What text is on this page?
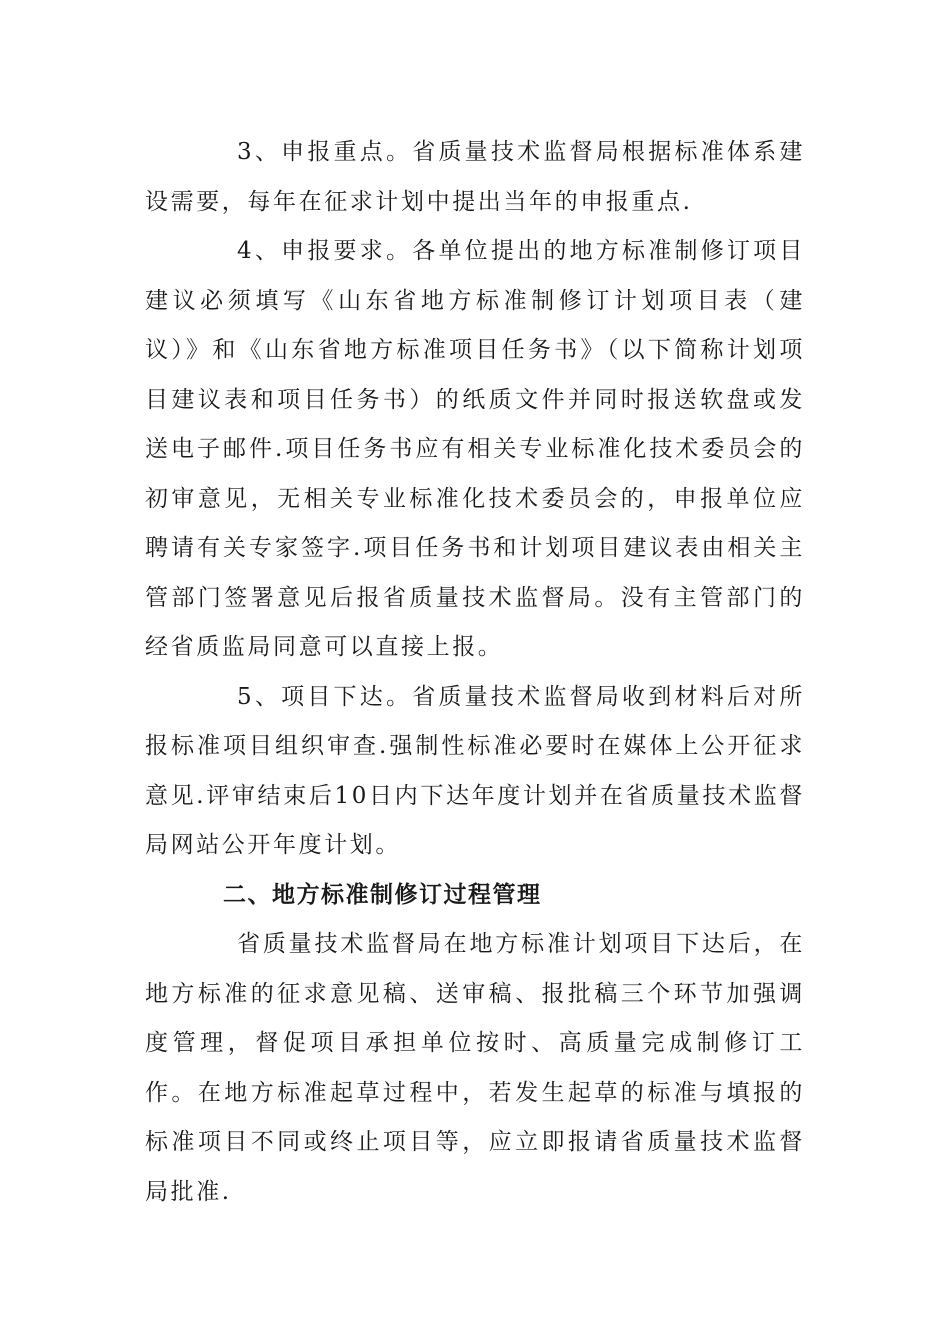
3、申报重点。省质量技术监督局根据标准体系建设需要，每年在征求计划中提出当年的申报重点.

4、申报要求。各单位提出的地方标准制修订项目建议必须填写《山东省地方标准制修订计划项目表（建议）》和《山东省地方标准项目任务书》（以下简称计划项目建议表和项目任务书）的纸质文件并同时报送软盘或发送电子邮件.项目任务书应有相关专业标准化技术委员会的初审意见，无相关专业标准化技术委员会的，申报单位应聘请有关专家签字.项目任务书和计划项目建议表由相关主管部门签署意见后报省质量技术监督局。没有主管部门的经省质监局同意可以直接上报。

5、项目下达。省质量技术监督局收到材料后对所报标准项目组织审查.强制性标准必要时在媒体上公开征求意见.评审结束后10日内下达年度计划并在省质量技术监督局网站公开年度计划。

二、地方标准制修订过程管理

省质量技术监督局在地方标准计划项目下达后，在地方标准的征求意见稿、送审稿、报批稿三个环节加强调度管理，督促项目承担单位按时、高质量完成制修订工作。在地方标准起草过程中，若发生起草的标准与填报的标准项目不同或终止项目等，应立即报请省质量技术监督局批准.
